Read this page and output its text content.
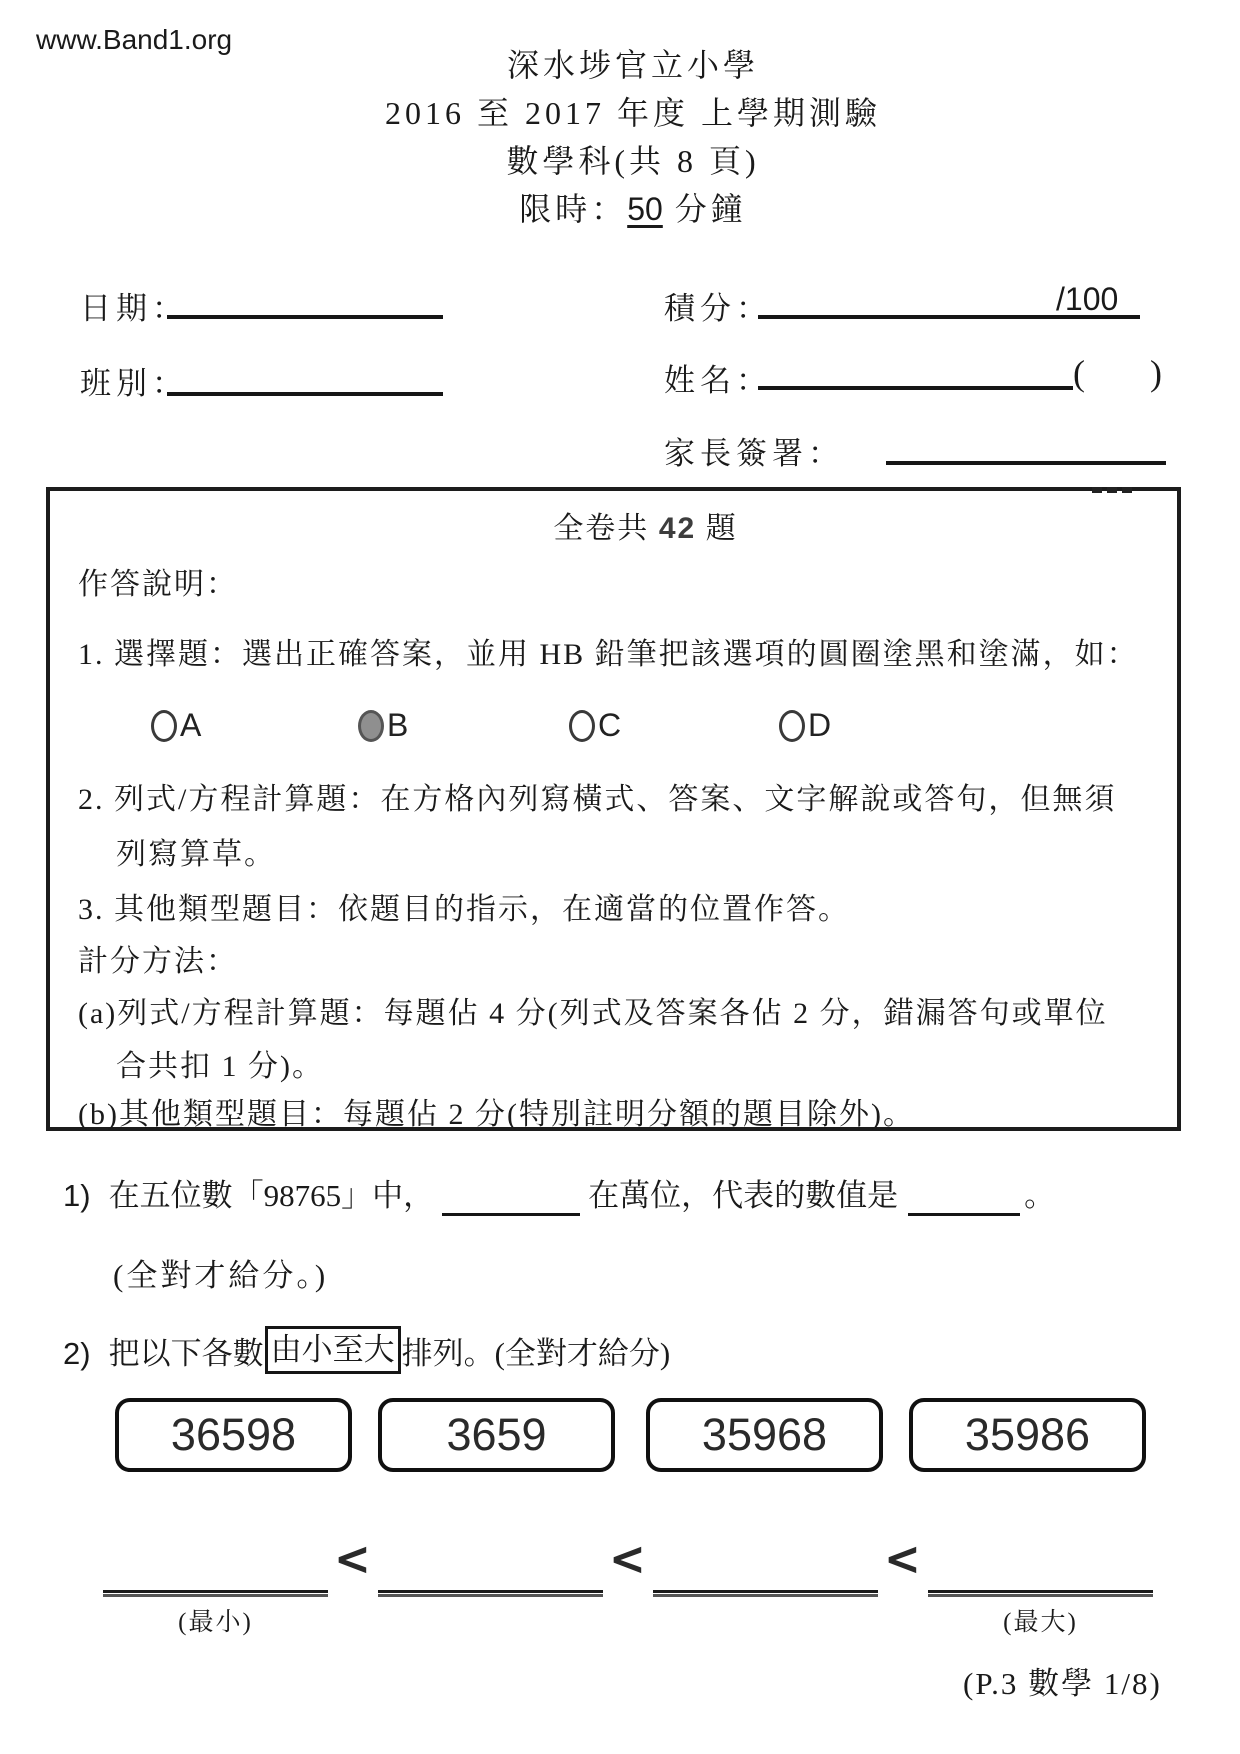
www.Band1.org
深水埗官立小學
2016 至 2017 年度 上學期測驗
數學科(共 8 頁)
限時：50 分鐘
日期：	積分：	/100
班別：	姓名：	( )
家長簽署：
全卷共 42 題
作答說明：
1. 選擇題：選出正確答案，並用 HB 鉛筆把該選項的圓圈塗黑和塗滿，如：
A	B	C	D
2. 列式/方程計算題：在方格內列寫橫式、答案、文字解說或答句，但無須
列寫算草。
3. 其他類型題目：依題目的指示，在適當的位置作答。
計分方法：
(a)列式/方程計算題：每題佔 4 分(列式及答案各佔 2 分，錯漏答句或單位
合共扣 1 分)。
(b)其他類型題目：每題佔 2 分(特別註明分額的題目除外)。
1) 在五位數「98765」中，	在萬位，代表的數值是	。
(全對才給分。)
2) 把以下各數 由小至大 排列。(全對才給分)
36598	3659	35968	35986
<	<	<
(最小)	(最大)
(P.3 數學 1/8)
